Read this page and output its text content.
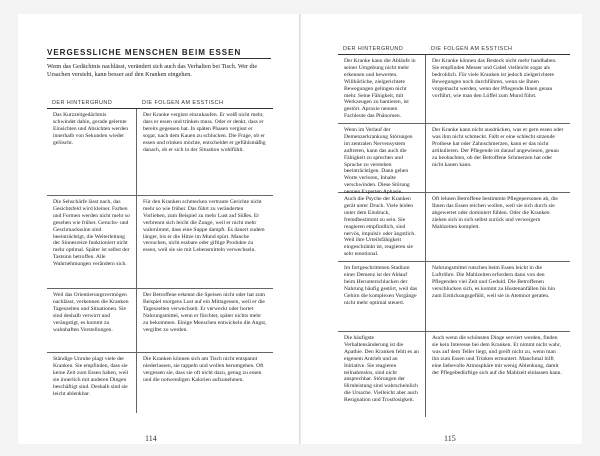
VERGESSLICHE MENSCHEN BEIM ESSEN

Wenn das Gedächtnis nachlässt, verändert sich auch das Verhalten bei Tisch. Wer die Ursachen versteht, kann besser auf den Kranken eingehen.

DER HINTERGRUND	DIE FOLGEN AM ESSTISCH
Das Kurzzeitgedächtnis schwindet dahin, gerade gelernte Einsichten und Absichten werden innerhalb von Sekunden wieder gelöscht.
Der Kranke vergisst einzukaufen. Er weiß nicht mehr, dass er essen und trinken muss. Oder er denkt, dass er bereits gegessen hat. In späten Phasen vergisst er sogar, nach dem Kauen zu schlucken. Die Frage, ob er essen und trinken möchte, entscheidet er gefühlsmäßig danach, ob er sich in der Situation wohlfühlt.
Die Sehschärfe lässt nach, das Gesichtsfeld wird kleiner. Farben und Formen werden nicht mehr so gesehen wie früher. Geruchs- und Geschmackssinn sind beeinträchtigt, die Weiterleitung der Sinnesreize funktioniert nicht mehr optimal. Später ist selbst der Tastsinn betroffen. Alle Wahrnehmungen verändern sich.
Für den Kranken schmecken vertraute Gerichte nicht mehr so wie früher. Das führt zu veränderten Vorlieben, zum Beispiel zu mehr Lust auf Süßes. Er verbrennt sich leicht die Zunge, weil er nicht mehr wahrnimmt, dass eine Suppe dampft. Es dauert zudem länger, bis er die Hitze im Mund spürt. Manche versuchen, nicht essbare oder giftige Produkte zu essen, weil sie sie mit Lebensmitteln verwechseln.
Weil das Orientierungsvermögen nachlässt, verkennen die Kranken Tageszeiten und Situationen. Sie sind deshalb verwirrt und verängstigt, es kommt zu wahnhaften Vorstellungen.
Der Betroffene erkennt die Speisen nicht oder hat zum Beispiel morgens Lust auf ein Mittagessen, weil er die Tageszeiten verwechselt. Er verweckt oder hortet Nahrungsmittel, wenn er fürchtet, später nichts mehr zu bekommen. Einige Menschen entwickeln die Angst, vergiftet zu werden.
Ständige Unruhe plagt viele der Kranken. Sie empfinden, dass sie keine Zeit zum Essen haben, weil sie innerlich mit anderen Dingen beschäftigt sind. Deshalb sind sie leicht ablenkbar.
Die Kranken können sich am Tisch nicht entspannt niederlassen, sie rappeln und wollen herumgehen. Oft vergessen sie, dass sie oft nicht dazu, genug zu essen und die notwendigen Kalorien aufzunehmen.
114
DER HINTERGRUND	DIE FOLGEN AM ESSTISCH
Der Kranke kann die Abläufe in seiner Umgebung nicht mehr erkennen und bewerten. Willkürliche, zielgerichtete Bewegungen gelingen nicht mehr. Seine Fähigkeit, mit Werkzeugen zu hantieren, ist gestört. Apraxie nennen Fachleute das Phänomen.
Der Kranke können das Besteck nicht mehr handhaben. Sie empfinden Messer und Gabel vielleicht sogar als bedrohlich. Für viele Kranken ist jedoch zielgerichtete Bewegungen noch durchführen, wenn sie Ihnen vorgemacht werden, wenn der Pflegende Ihnen genau vorführt, wie man den Löffel zum Mund führt.
Wenn im Verlauf der Demenzerkrankung Störungen im zentralen Nervensystem auftreten, kann das auch die Fähigkeit zu sprechen und Sprache zu verstehen beeinträchtigen. Dann gehen Worte verloren, Inhalte verschwinden. Diese Störung nennen Experten Aphasie.
Der Kranke kann nicht ausdrücken, was er gern essen oder was ihm nicht schmeckt. Fallt er eine schlecht sitzende Prothese hat oder Zahnschmerzen, kann er das nicht artikulieren. Der Pflegende ist darauf angewiesen, genau zu beobachten, ob der Betroffene Schmerzen hat oder nicht kauen kann.
Auch die Psyche der Kranken gerät unter Druck. Viele leiden unter dem Eindruck, fremdbestimmt zu sein. Sie reagieren empfindlich, sind nervös, impulsiv oder ängstlich. Weil ihre Urteilsfähigkeit eingeschränkt ist, reagieren sie sehr emotional.
Oft lehnen Betroffene bestimmte Pflegepersonen ab, die Ihnen das Essen reichen wollen, weil sie sich durch sie abgewertet oder dominiert fühlen. Oder die Kranken ziehen sich in sich selbst zurück und verweigern Mahlzeiten komplett.
Im fortgeschrittenen Stadium einer Demenz ist der Ablauf beim Herunterschlucken der Nahrung häufig gestört, weil das Gehirn die komplexen Vorgänge nicht mehr optimal steuert.
Nahrungsmittel rutschen beim Essen leicht in die Luftröhre. Die Mahlzeiten erfordern dann von den Pflegenden viel Zeit und Geduld. Die Betroffenen verschlucken sich, es kommt zu Hustenanfällen bis hin zum Erstickungsgefühl, weil sie in Atemnot geraten.
Die häufigste Verhaltensänderung ist die Apathie. Den Kranken fehlt es an eigenem Antrieb und an Initiative. Sie reagieren teilnahmslos, sind nicht ansprechbar. Störungen der Hirnleistung sind wahrscheinlich die Ursache. Vielleicht aber auch Resignation und Trostlosigkeit.
Auch wenn die schönsten Dinge serviert werden, finden sie kein Interesse bei dem Kranken. Er nimmt nicht wahr, was auf dem Teller liegt, und greift nicht zu, wenn man ihn zum Essen und Trinken ermuntert. Manchmal hilft eine liebevolle Atmosphäre mit wenig Ablenkung, damit der Pflegebedürftige sich auf die Mahlzeit einlassen kann.
115
